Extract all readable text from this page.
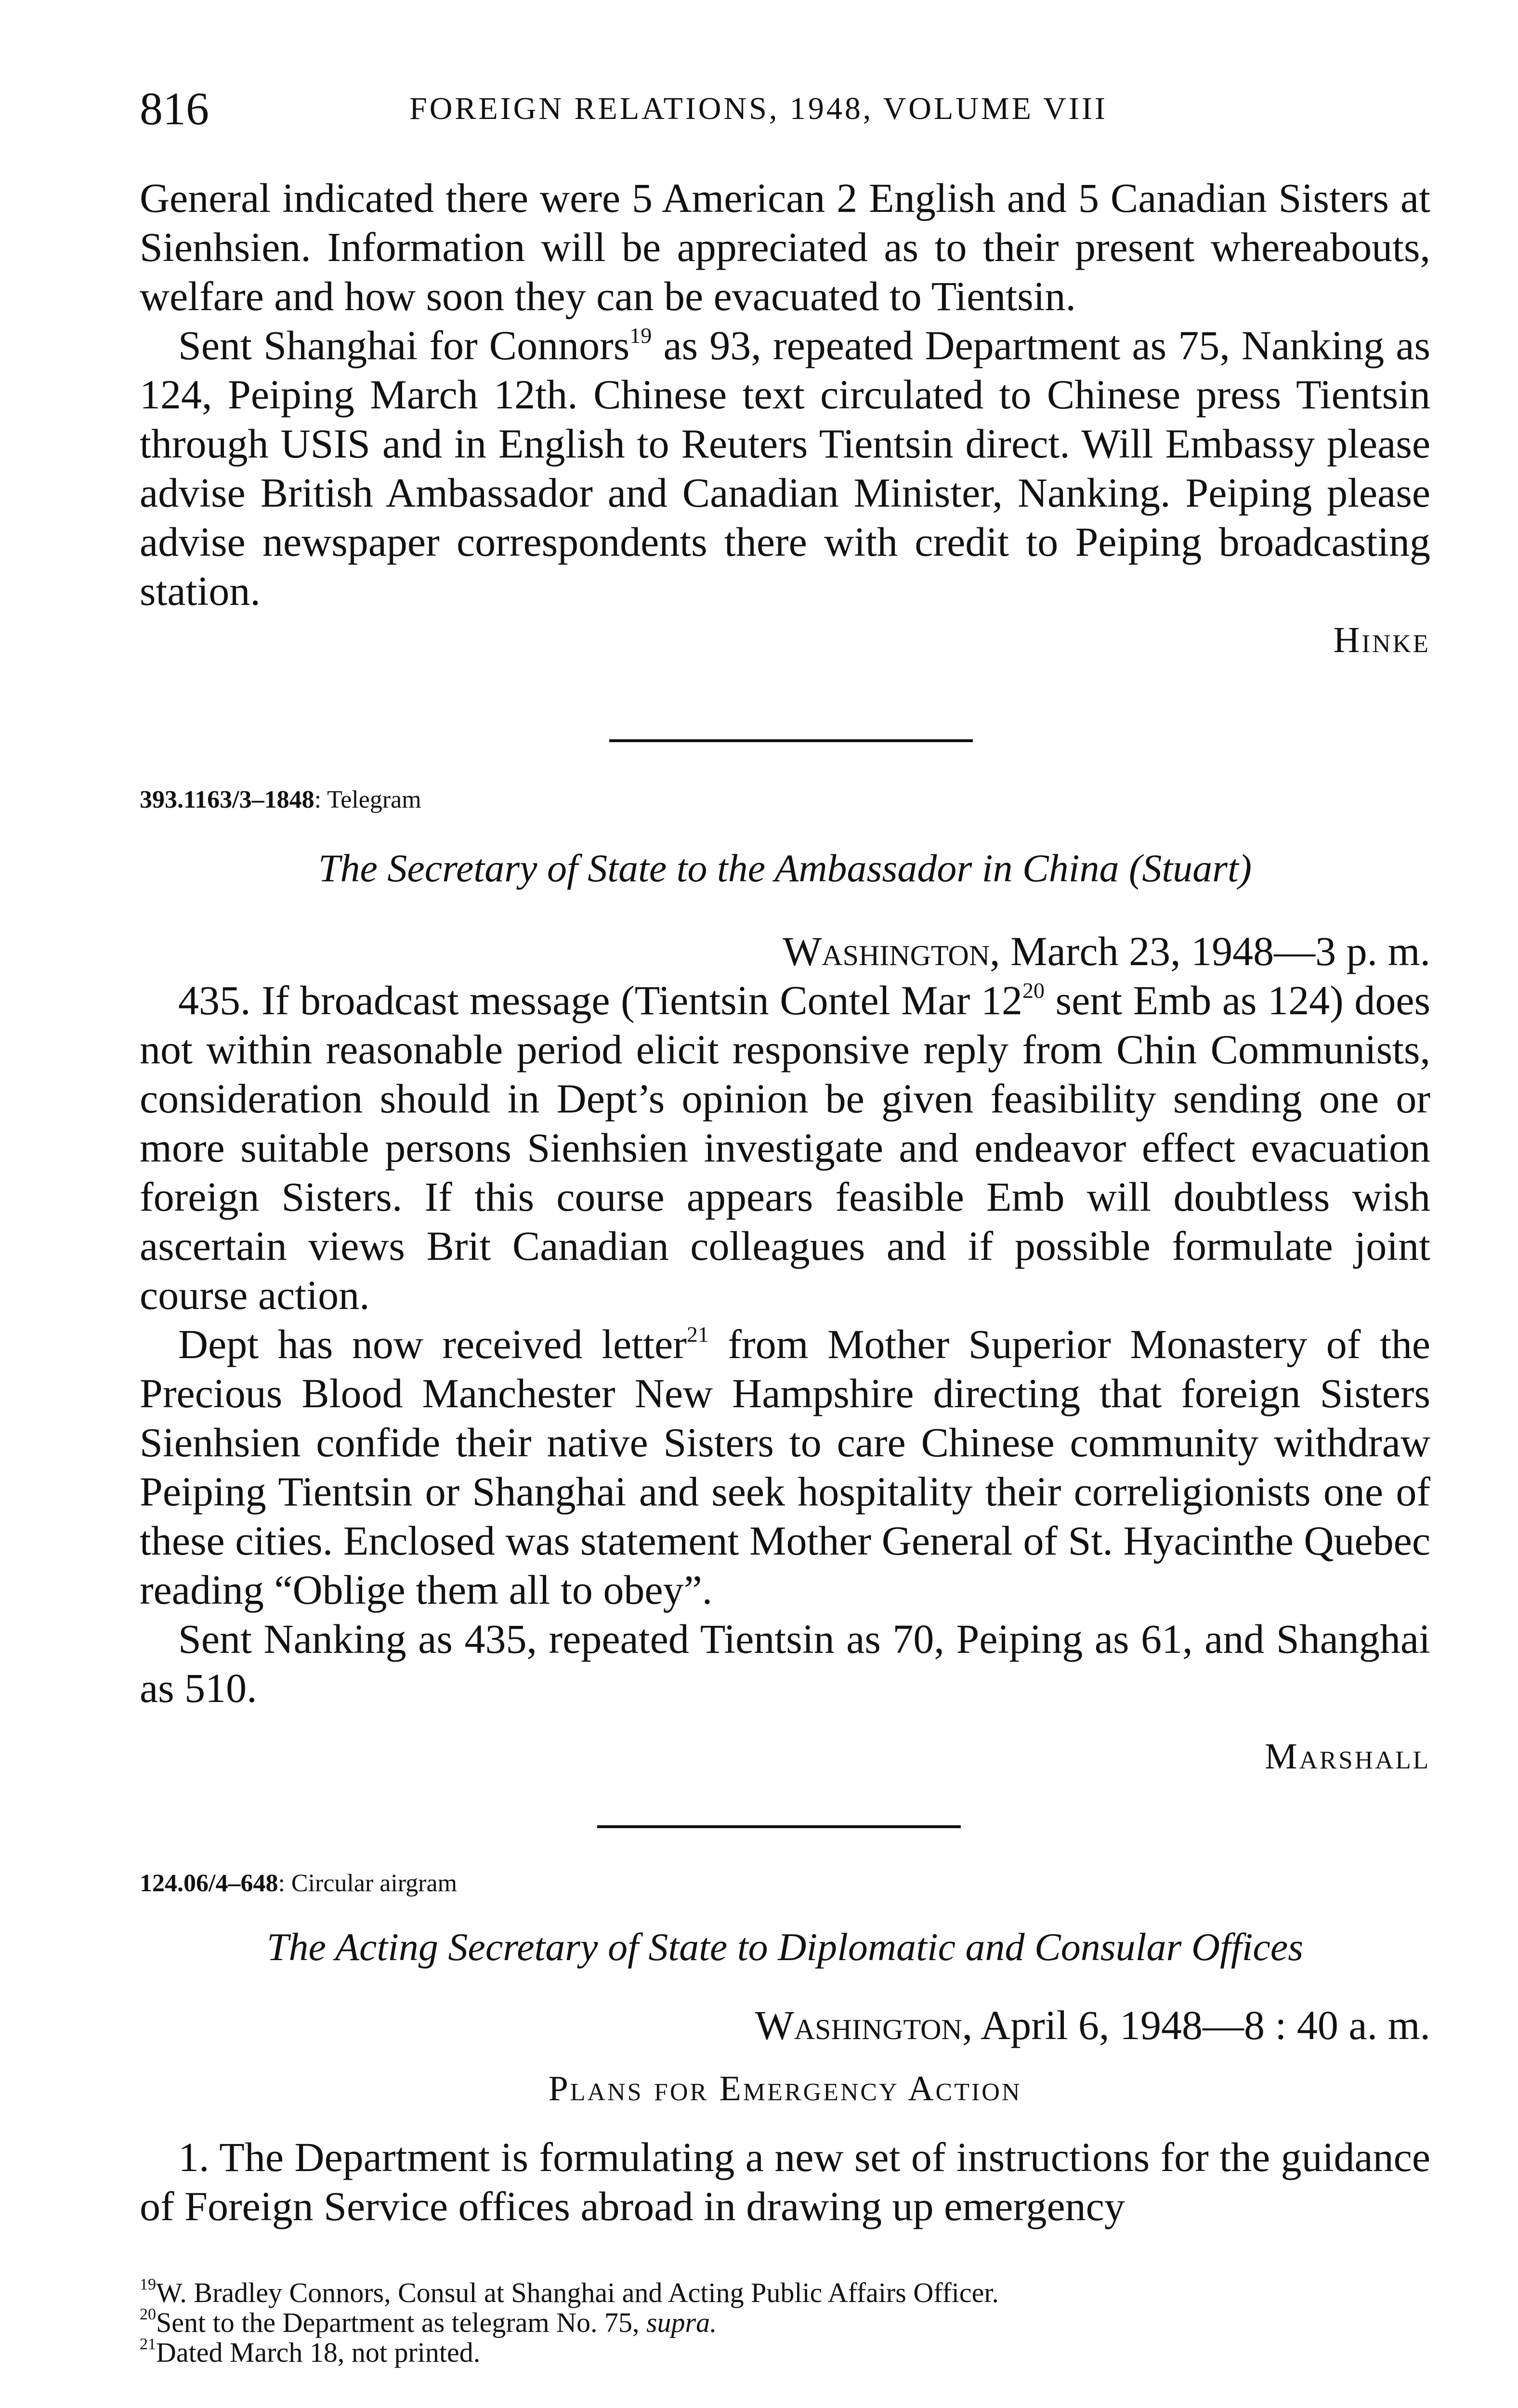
816	FOREIGN RELATIONS, 1948, VOLUME VIII

General indicated there were 5 American 2 English and 5 Canadian Sisters at Sienhsien. Information will be appreciated as to their present whereabouts, welfare and how soon they can be evacuated to Tientsin.

Sent Shanghai for Connors$^{19}$ as 93, repeated Department as 75, Nanking as 124, Peiping March 12th. Chinese text circulated to Chinese press Tientsin through USIS and in English to Reuters Tientsin direct. Will Embassy please advise British Ambassador and Canadian Minister, Nanking. Peiping please advise newspaper correspondents there with credit to Peiping broadcasting station.

Hinke

393.1163/3–1848: Telegram

The Secretary of State to the Ambassador in China (Stuart)

Washington, March 23, 1948—3 p. m.

435. If broadcast message (Tientsin Contel Mar $12^{20}$ sent Emb as 124) does not within reasonable period elicit responsive reply from Chin Communists, consideration should in Dept’s opinion be given feasibility sending one or more suitable persons Sienhsien investigate and endeavor effect evacuation foreign Sisters. If this course appears feasible Emb will doubtless wish ascertain views Brit Canadian colleagues and if possible formulate joint course action.

Dept has now received letter$^{21}$ from Mother Superior Monastery of the Precious Blood Manchester New Hampshire directing that foreign Sisters Sienhsien confide their native Sisters to care Chinese community withdraw Peiping Tientsin or Shanghai and seek hospitality their correligionists one of these cities. Enclosed was statement Mother General of St. Hyacinthe Quebec reading “Oblige them all to obey”.

Sent Nanking as 435, repeated Tientsin as 70, Peiping as 61, and Shanghai as 510.

Marshall

124.06/4–648: Circular airgram

The Acting Secretary of State to Diplomatic and Consular Offices

Washington, April 6, 1948—8 : 40 a. m.

Plans for Emergency Action

1. The Department is formulating a new set of instructions for the guidance of Foreign Service offices abroad in drawing up emergency

$^{19}$W. Bradley Connors, Consul at Shanghai and Acting Public Affairs Officer.

$^{20}$Sent to the Department as telegram No. 75, supra.

$^{21}$Dated March 18, not printed.
